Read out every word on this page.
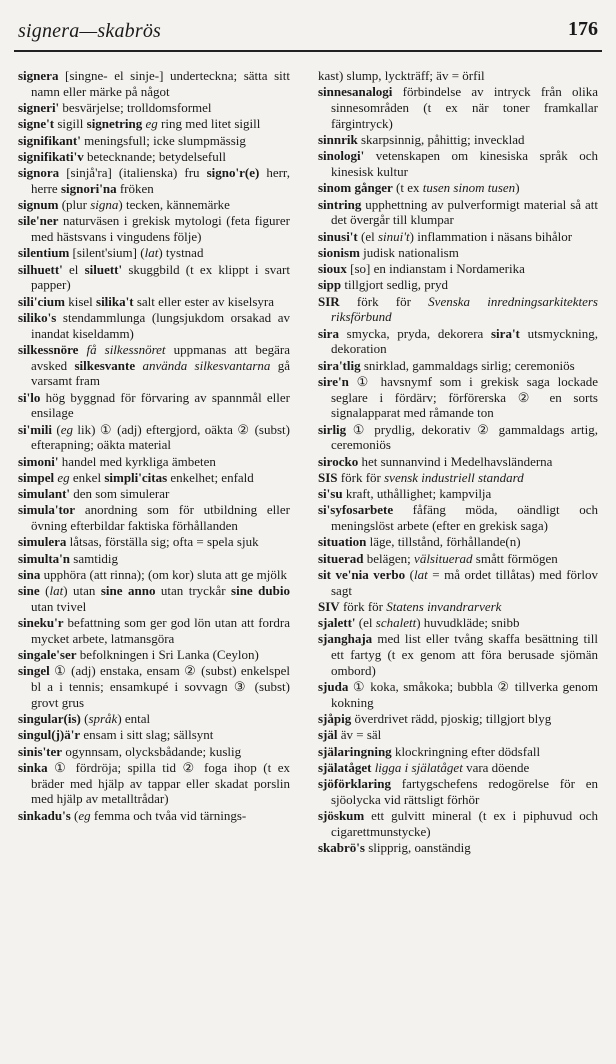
signera—skabrös	176
signera [singne- el sinje-] underteckna; sätta sitt namn eller märke på något
signeri' besvärjelse; trolldomsformel
signe't sigill signetring eg ring med litet sigill
signifikant' meningsfull; icke slumpmässig
signifikati'v betecknande; betydelsefull
signora [sinjå'ra] (italienska) fru signo'r(e) herr, herre signori'na fröken
signum (plur signa) tecken, kännemärke
sile'ner naturväsen i grekisk mytologi (feta figurer med hästsvans i vingudens följe)
silentium [silent'sium] (lat) tystnad
silhuett' el siluett' skuggbild (t ex klippt i svart papper)
sili'cium kisel silika't salt eller ester av kiselsyra
siliko's stendammlunga (lungsjukdom orsakad av inandat kiseldamm)
silkessnöre få silkessnöret uppmanas att begära avsked silkesvante använda silkesvantarna gå varsamt fram
si'lo hög byggnad för förvaring av spannmål eller ensilage
si'mili (eg lik) ① (adj) eftergjord, oäkta ② (subst) efterapning; oäkta material
simoni' handel med kyrkliga ämbeten
simpel eg enkel simpli'citas enkelhet; enfald
simulant' den som simulerar
simula'tor anordning som för utbildning eller övning efterbildar faktiska förhållanden
simulera låtsas, förställa sig; ofta = spela sjuk
simulta'n samtidig
sina upphöra (att rinna); (om kor) sluta att ge mjölk
sine (lat) utan sine anno utan tryckår sine dubio utan tvivel
sineku'r befattning som ger god lön utan att fordra mycket arbete, latmansgöra
singale'ser befolkningen i Sri Lanka (Ceylon)
singel ① (adj) enstaka, ensam ② (subst) enkelspel bl a i tennis; ensamkupé i sovvagn ③ (subst) grovt grus
singular(is) (språk) ental
singul(j)ä'r ensam i sitt slag; sällsynt
sinis'ter ogynnsam, olycksbådande; kuslig
sinka ① fördröja; spilla tid ② foga ihop (t ex bräder med hjälp av tappar eller skadat porslin med hjälp av metalltrådar)
sinkadu's (eg femma och tvåa vid tärnings-
kast) slump, lyckträff; äv = örfil
sinnesanalogi förbindelse av intryck från olika sinnesområden (t ex när toner framkallar färgintryck)
sinnrik skarpsinnig, påhittig; invecklad
sinologi' vetenskapen om kinesiska språk och kinesisk kultur
sinom gånger (t ex tusen sinom tusen)
sintring upphettning av pulverformigt material så att det övergår till klumpar
sinusi't (el sinui't) inflammation i näsans bihålor
sionism judisk nationalism
sioux [so] en indianstam i Nordamerika
sipp tillgjort sedlig, pryd
SIR förk för Svenska inredningsarkitekters riksförbund
sira smycka, pryda, dekorera sira't utsmyckning, dekoration
sira'tlig snirklad, gammaldags sirlig; ceremoniös
sire'n ① havsnymf som i grekisk saga lockade seglare i fördärv; förförerska ② en sorts signalapparat med råmande ton
sirlig ① prydlig, dekorativ ② gammaldags artig, ceremoniös
sirocko het sunnanvind i Medelhavsländerna
SIS förk för svensk industriell standard
si'su kraft, uthållighet; kampvilja
si'syfosarbete fåfäng möda, oändligt och meningslöst arbete (efter en grekisk saga)
situation läge, tillstånd, förhållande(n)
situerad belägen; välsituerad smått förmögen
sit ve'nia verbo (lat = må ordet tillåtas) med förlov sagt
SIV förk för Statens invandrarverk
sjalett' (el schalett) huvudkläde; snibb
sjanghaja med list eller tvång skaffa besättning till ett fartyg (t ex genom att föra berusade sjömän ombord)
sjuda ① koka, småkoka; bubbla ② tillverka genom kokning
sjåpig överdrivet rädd, pjoskig; tillgjort blyg
själ äv = säl
själaringning klockringning efter dödsfall
själatåget ligga i själatåget vara döende
sjöförklaring fartygschefens redogörelse för en sjöolycka vid rättsligt förhör
sjöskum ett gulvitt mineral (t ex i piphuvud och cigarettmunstycke)
skabrö's slipprig, oanständig
